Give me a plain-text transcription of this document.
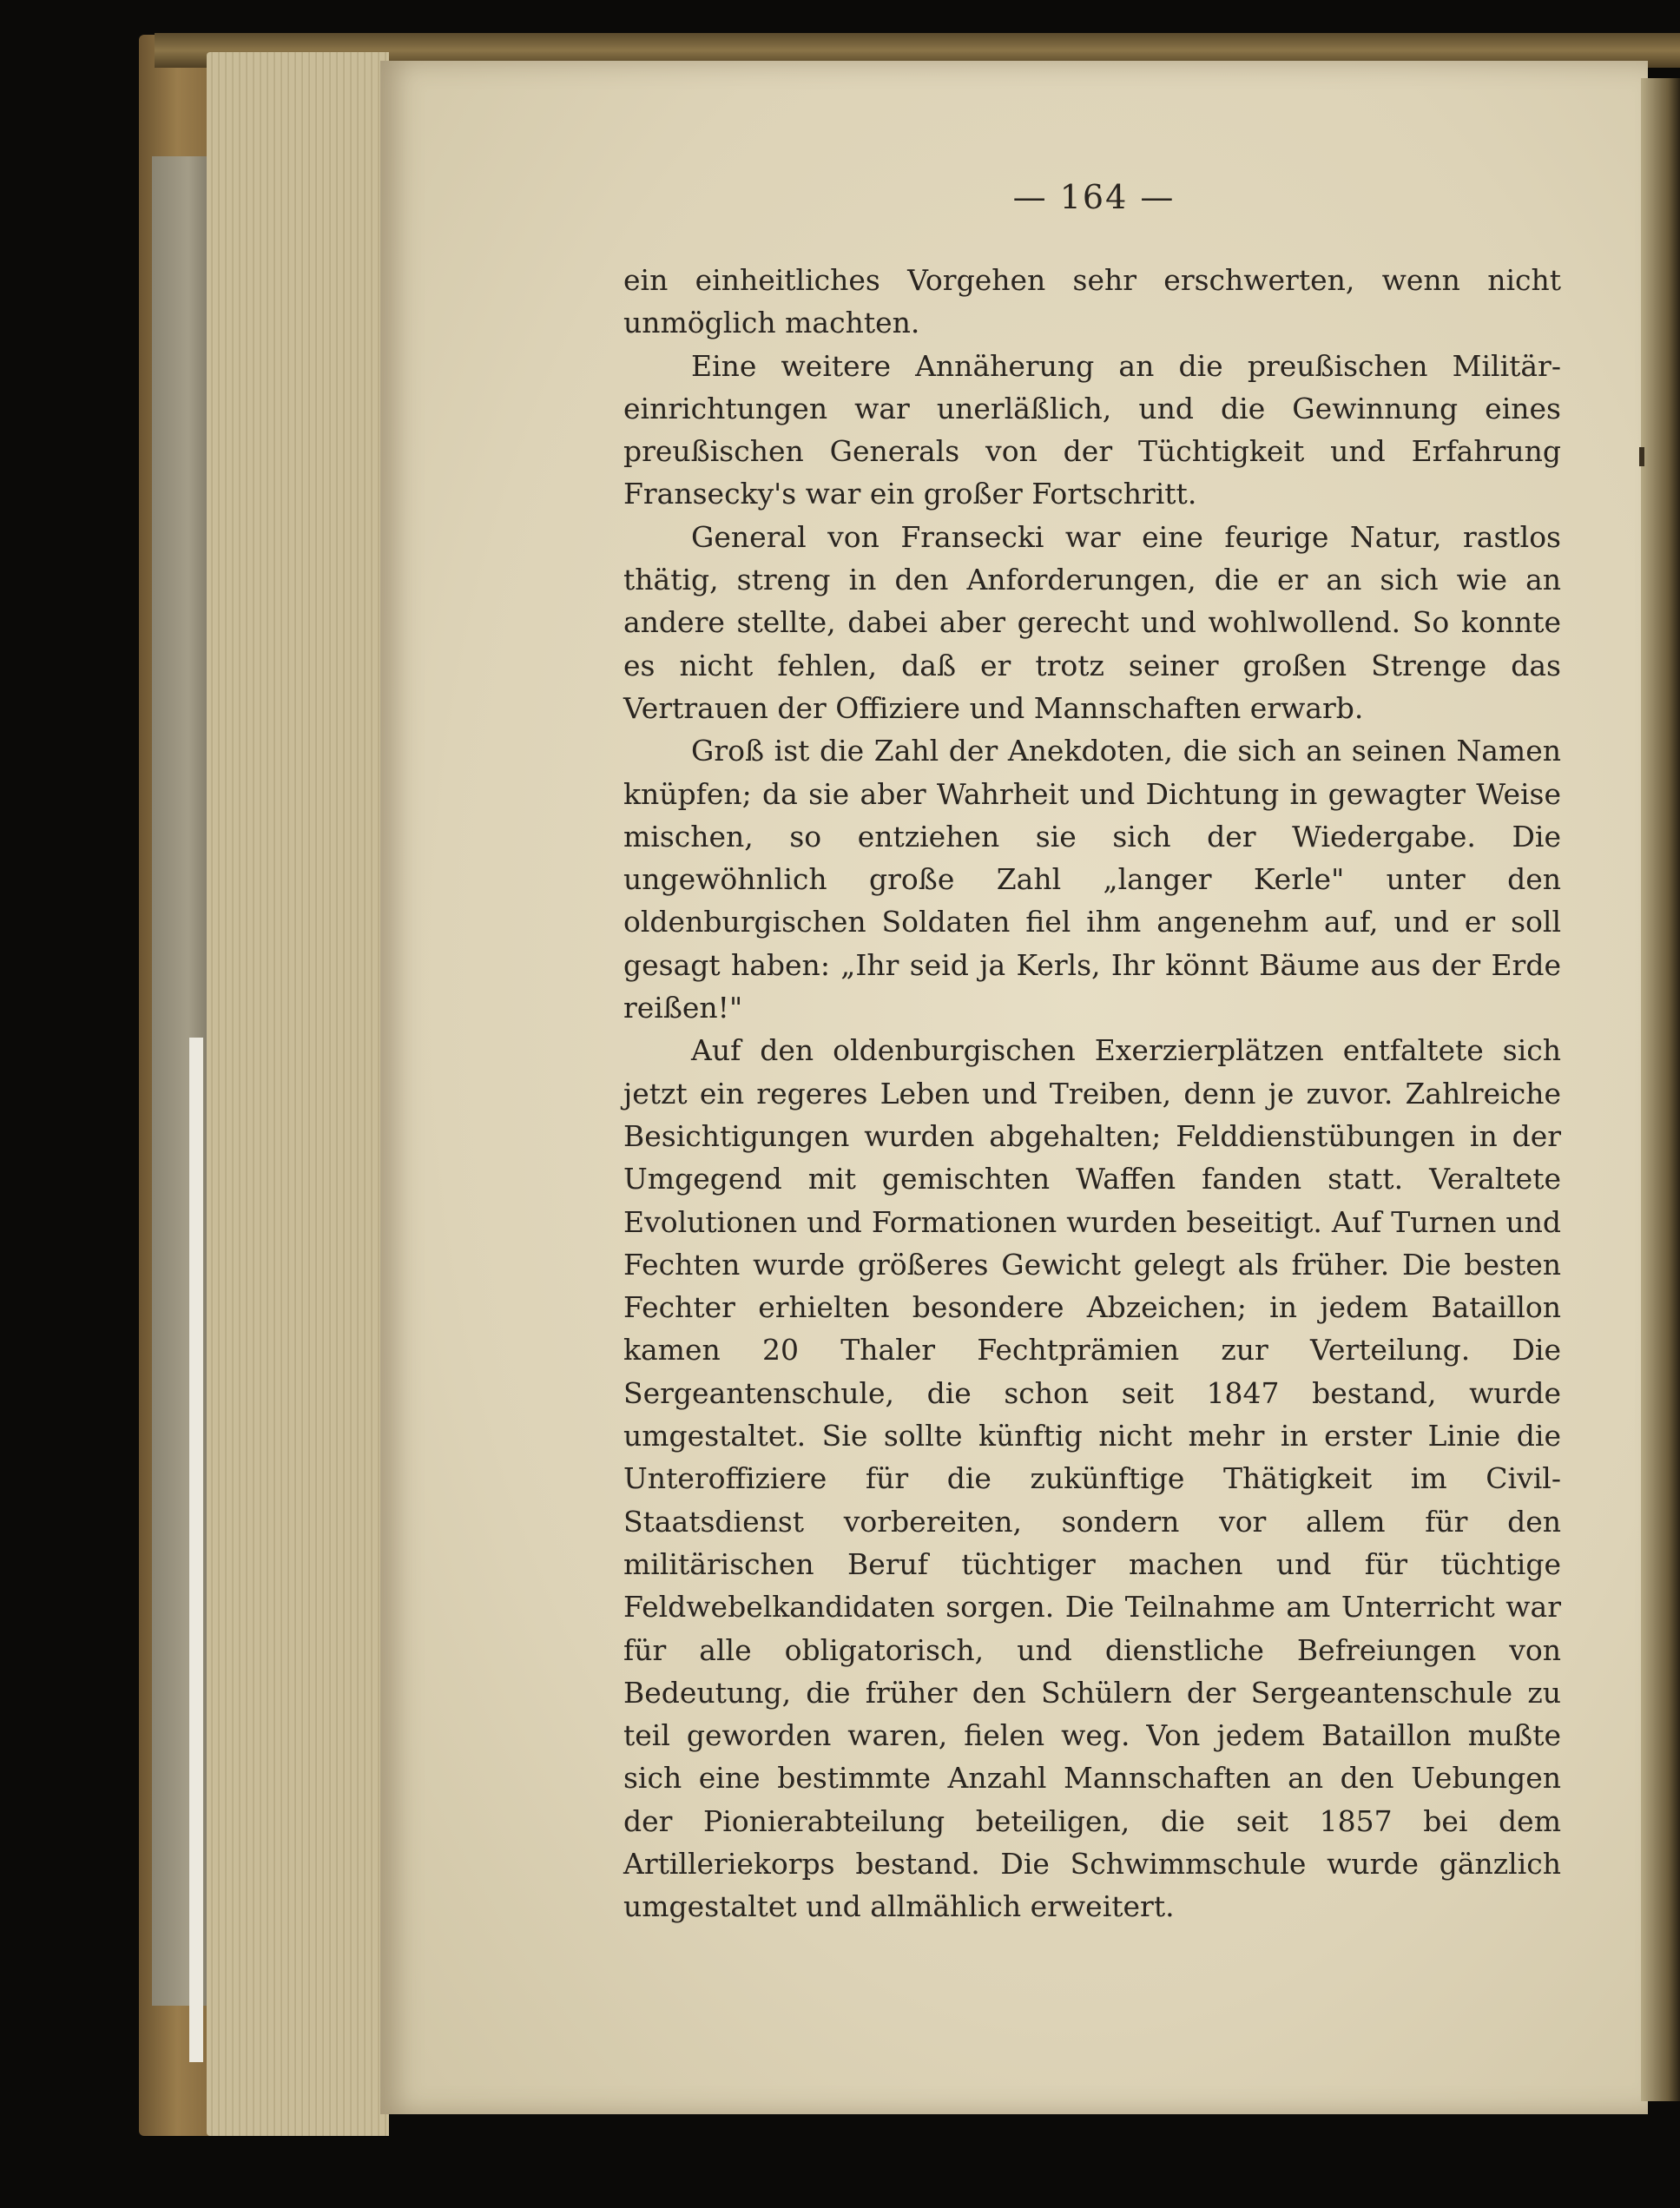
— 164 —

ein einheitliches Vorgehen sehr erschwerten, wenn nicht unmöglich machten.

Eine weitere Annäherung an die preußischen Militär-einrichtungen war unerläßlich, und die Gewinnung eines preußischen Generals von der Tüchtigkeit und Erfahrung Fransecky's war ein großer Fortschritt.

General von Fransecki war eine feurige Natur, rastlos thätig, streng in den Anforderungen, die er an sich wie an andere stellte, dabei aber gerecht und wohlwollend. So konnte es nicht fehlen, daß er trotz seiner großen Strenge das Vertrauen der Offiziere und Mannschaften erwarb.

Groß ist die Zahl der Anekdoten, die sich an seinen Namen knüpfen; da sie aber Wahrheit und Dichtung in gewagter Weise mischen, so entziehen sie sich der Wiedergabe. Die ungewöhnlich große Zahl „langer Kerle" unter den oldenburgischen Soldaten fiel ihm angenehm auf, und er soll gesagt haben: „Ihr seid ja Kerls, Ihr könnt Bäume aus der Erde reißen!"

Auf den oldenburgischen Exerzierplätzen entfaltete sich jetzt ein regeres Leben und Treiben, denn je zuvor. Zahlreiche Besichtigungen wurden abgehalten; Felddienstübungen in der Umgegend mit gemischten Waffen fanden statt. Veraltete Evolutionen und Formationen wurden beseitigt. Auf Turnen und Fechten wurde größeres Gewicht gelegt als früher. Die besten Fechter erhielten besondere Abzeichen; in jedem Bataillon kamen 20 Thaler Fechtprämien zur Verteilung. Die Sergeantenschule, die schon seit 1847 bestand, wurde umgestaltet. Sie sollte künftig nicht mehr in erster Linie die Unteroffiziere für die zukünftige Thätigkeit im Civil-Staatsdienst vorbereiten, sondern vor allem für den militärischen Beruf tüchtiger machen und für tüchtige Feldwebelkandidaten sorgen. Die Teilnahme am Unterricht war für alle obligatorisch, und dienstliche Befreiungen von Bedeutung, die früher den Schülern der Sergeantenschule zu teil geworden waren, fielen weg. Von jedem Bataillon mußte sich eine bestimmte Anzahl Mannschaften an den Uebungen der Pionierabteilung beteiligen, die seit 1857 bei dem Artilleriekorps bestand. Die Schwimmschule wurde gänzlich umgestaltet und allmählich erweitert.
